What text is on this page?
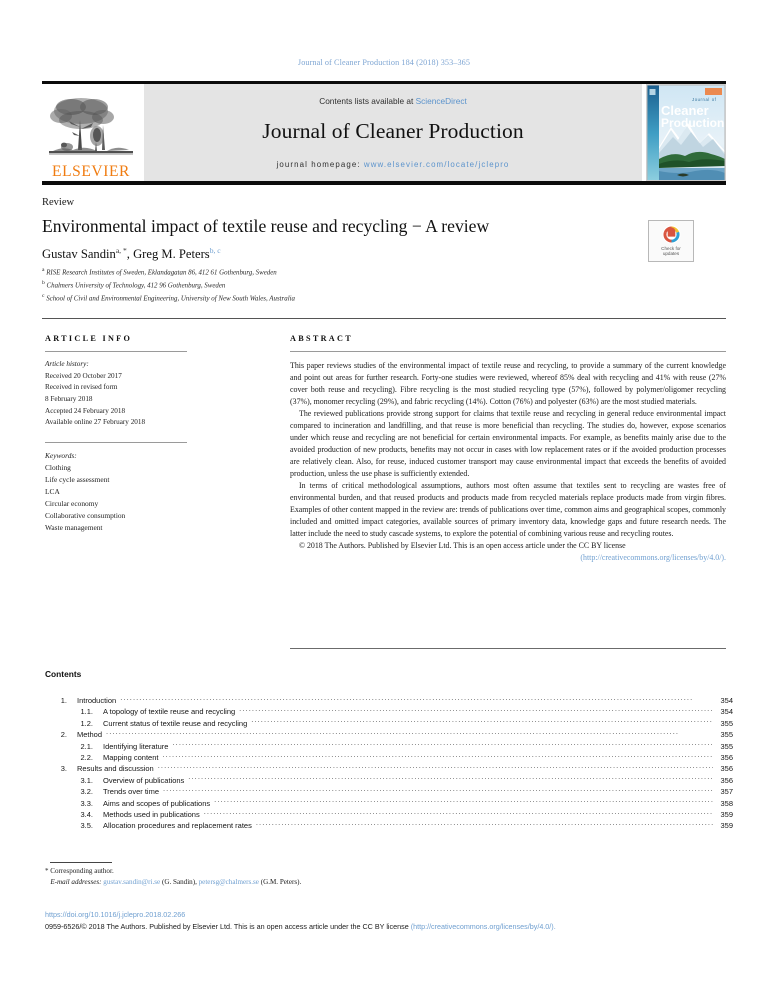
Journal of Cleaner Production 184 (2018) 353–365
ELSEVIER
Contents lists available at ScienceDirect
Journal of Cleaner Production
journal homepage: www.elsevier.com/locate/jclepro
Journal of
Cleaner
Production
Review
Environmental impact of textile reuse and recycling − A review
Gustav Sandin$^{a, *}$, Greg M. Peters$^{b, c}$
$^a$ RISE Research Institutes of Sweden, Eklandagatan 86, 412 61 Gothenburg, Sweden
$^b$ Chalmers University of Technology, 412 96 Gothenburg, Sweden
$^c$ School of Civil and Environmental Engineering, University of New South Wales, Australia
Check for
updates
ARTICLE INFO
Article history:
Received 20 October 2017
Received in revised form
8 February 2018
Accepted 24 February 2018
Available online 27 February 2018
Keywords:
Clothing
Life cycle assessment
LCA
Circular economy
Collaborative consumption
Waste management
ABSTRACT

This paper reviews studies of the environmental impact of textile reuse and recycling, to provide a summary of the current knowledge and point out areas for further research. Forty-one studies were reviewed, whereof 85% deal with recycling and 41% with reuse (27% cover both reuse and recycling). Fibre recycling is the most studied recycling type (57%), followed by polymer/oligomer recycling (37%), monomer recycling (29%), and fabric recycling (14%). Cotton (76%) and polyester (63%) are the most studied materials.

The reviewed publications provide strong support for claims that textile reuse and recycling in general reduce environmental impact compared to incineration and landfilling, and that reuse is more beneficial than recycling. The studies do, however, expose scenarios under which reuse and recycling are not beneficial for certain environmental impacts. For example, as benefits mainly arise due to the avoided production of new products, benefits may not occur in cases with low replacement rates or if the avoided production processes are relatively clean. Also, for reuse, induced customer transport may cause environmental impact that exceeds the benefits of avoided production, unless the use phase is sufficiently extended.

In terms of critical methodological assumptions, authors most often assume that textiles sent to recycling are wastes free of environmental burden, and that reused products and products made from recycled materials replace products made from virgin fibres. Examples of other content mapped in the review are: trends of publications over time, common aims and geographical scopes, commonly included and omitted impact categories, available sources of primary inventory data, knowledge gaps and future research needs. The latter include the need to study cascade systems, to explore the potential of combining various reuse and recycling routes.

© 2018 The Authors. Published by Elsevier Ltd. This is an open access article under the CC BY license

(http://creativecommons.org/licenses/by/4.0/).

Contents
1.	Introduction .....	354
1.1.	A topology of textile reuse and recycling .....	354
1.2.	Current status of textile reuse and recycling .....	355
2.	Method .....	355
2.1.	Identifying literature .....	355
2.2.	Mapping content .....	356
3.	Results and discussion .....	356
3.1.	Overview of publications .....	356
3.2.	Trends over time .....	357
3.3.	Aims and scopes of publications .....	358
3.4.	Methods used in publications .....	359
3.5.	Allocation procedures and replacement rates .....	359
* Corresponding author.
E-mail addresses: gustav.sandin@ri.se (G. Sandin), petersg@chalmers.se (G.M. Peters).
https://doi.org/10.1016/j.jclepro.2018.02.266
0959-6526/© 2018 The Authors. Published by Elsevier Ltd. This is an open access article under the CC BY license (http://creativecommons.org/licenses/by/4.0/).
